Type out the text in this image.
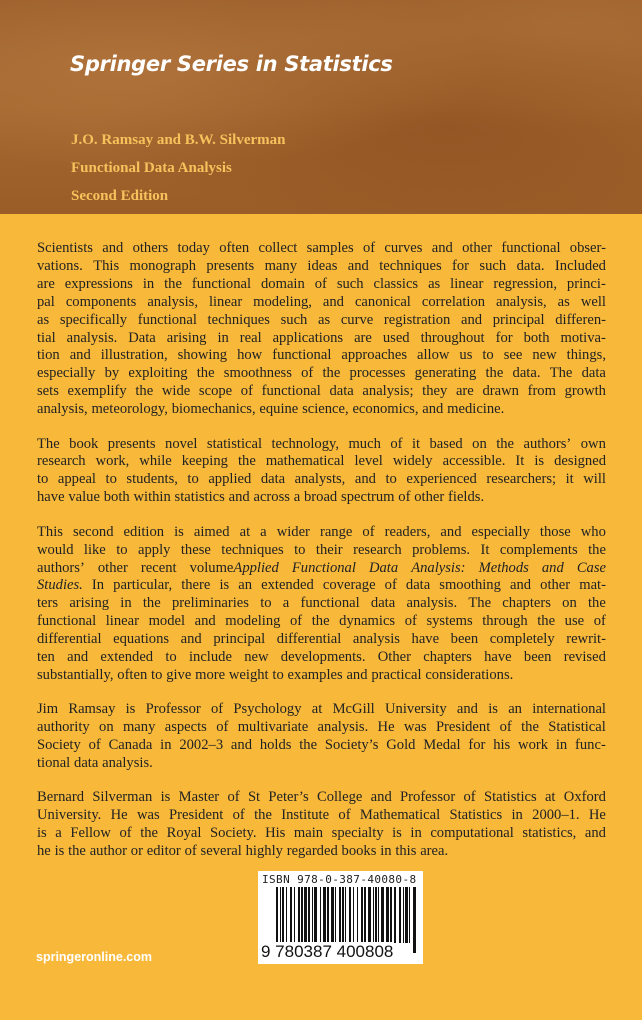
Springer Series in Statistics
J.O. Ramsay and B.W. Silverman
Functional Data Analysis
Second Edition
Scientists and others today often collect samples of curves and other functional obser-
vations. This monograph presents many ideas and techniques for such data. Included
are expressions in the functional domain of such classics as linear regression, princi-
pal components analysis, linear modeling, and canonical correlation analysis, as well
as specifically functional techniques such as curve registration and principal differen-
tial analysis. Data arising in real applications are used throughout for both motiva-
tion and illustration, showing how functional approaches allow us to see new things,
especially by exploiting the smoothness of the processes generating the data. The data
sets exemplify the wide scope of functional data analysis; they are drawn from growth
analysis, meteorology, biomechanics, equine science, economics, and medicine.
The book presents novel statistical technology, much of it based on the authors’ own
research work, while keeping the mathematical level widely accessible. It is designed
to appeal to students, to applied data analysts, and to experienced researchers; it will
have value both within statistics and across a broad spectrum of other fields.
This second edition is aimed at a wider range of readers, and especially those who
would like to apply these techniques to their research problems. It complements the
authors’ other recent volumeApplied Functional Data Analysis: Methods and Case
Studies. In particular, there is an extended coverage of data smoothing and other mat-
ters arising in the preliminaries to a functional data analysis. The chapters on the
functional linear model and modeling of the dynamics of systems through the use of
differential equations and principal differential analysis have been completely rewrit-
ten and extended to include new developments. Other chapters have been revised
substantially, often to give more weight to examples and practical considerations.
Jim Ramsay is Professor of Psychology at McGill University and is an international
authority on many aspects of multivariate analysis. He was President of the Statistical
Society of Canada in 2002–3 and holds the Society’s Gold Medal for his work in func-
tional data analysis.
Bernard Silverman is Master of St Peter’s College and Professor of Statistics at Oxford
University. He was President of the Institute of Mathematical Statistics in 2000–1. He
is a Fellow of the Royal Society. His main specialty is in computational statistics, and
he is the author or editor of several highly regarded books in this area.
springeronline.com
ISBN 978-0-387-40080-8
9 780387 400808
